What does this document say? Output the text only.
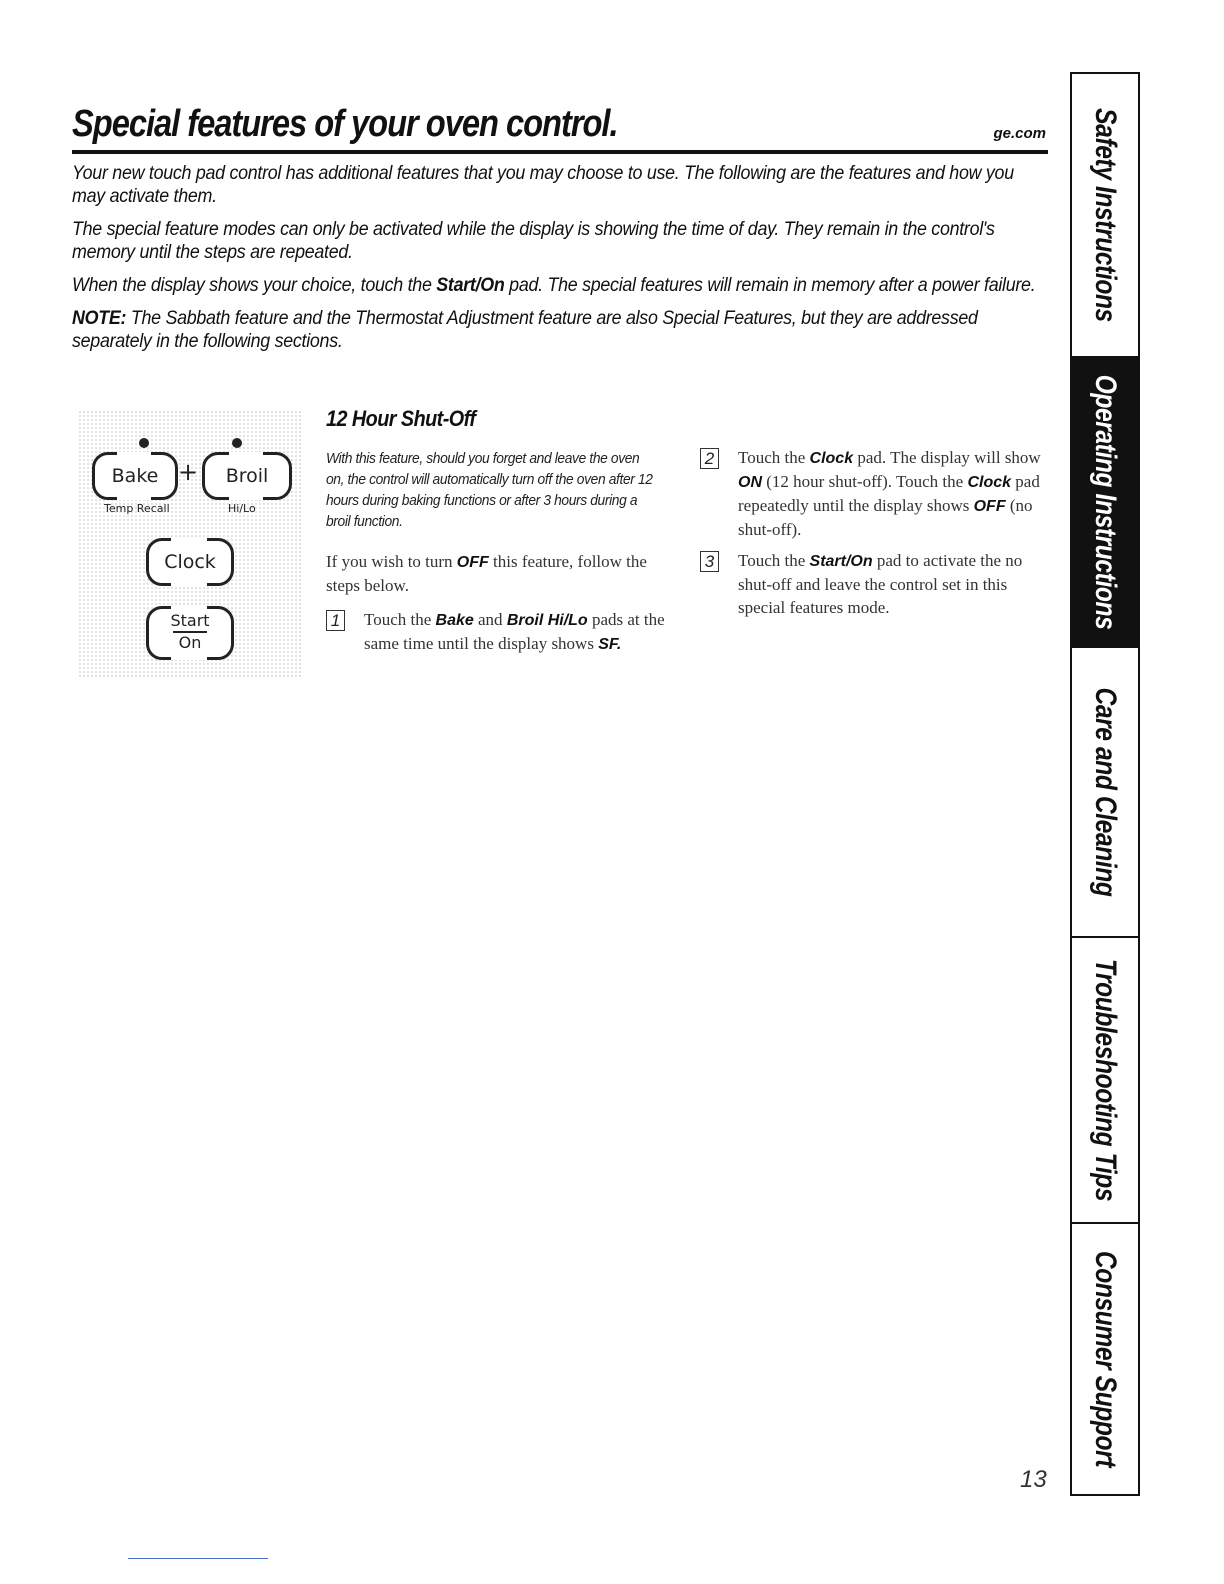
Special features of your oven control.	ge.com

Your new touch pad control has additional features that you may choose to use. The following are the features and how you may activate them.

The special feature modes can only be activated while the display is showing the time of day. They remain in the control's memory until the steps are repeated.

When the display shows your choice, touch the Start/On pad. The special features will remain in memory after a power failure.

NOTE: The Sabbath feature and the Thermostat Adjustment feature are also Special Features, but they are addressed separately in the following sections.

Bake +	Broil
Temp Recall	Hi/Lo
Clock
Start
On
12 Hour Shut-Off
With this feature, should you forget and leave the oven on, the control will automatically turn off the oven after 12 hours during baking functions or after 3 hours during a broil function.
If you wish to turn OFF this feature, follow the steps below.
1 Touch the Bake and Broil Hi/Lo pads at the same time until the display shows SF.
2 Touch the Clock pad. The display will show ON (12 hour shut-off). Touch the Clock pad repeatedly until the display shows OFF (no shut-off).
3 Touch the Start/On pad to activate the no shut-off and leave the control set in this special features mode.
Safety Instructions
Operating Instructions
Care and Cleaning
Troubleshooting Tips
Consumer Support
13
